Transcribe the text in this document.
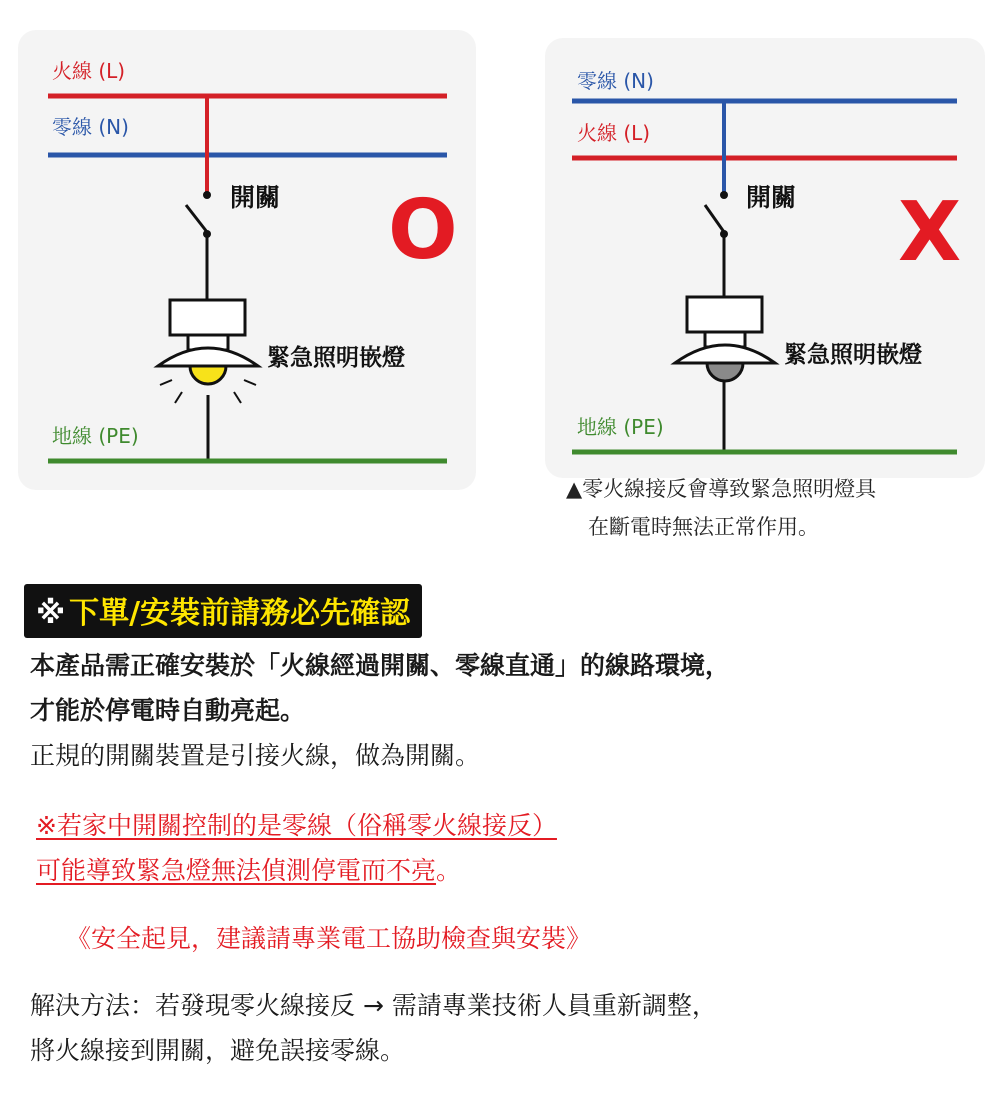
火線 (L)
零線 (N)
開關
緊急照明嵌燈
地線 (PE)
O
零線 (N)
火線 (L)
開關
緊急照明嵌燈
地線 (PE)
X
▲零火線接反會導致緊急照明燈具
在斷電時無法正常作用。
※ 下單/安裝前請務必先確認
本產品需正確安裝於「火線經過開關、零線直通」的線路環境，
才能於停電時自動亮起。
正規的開關裝置是引接火線，做為開關。
※若家中開關控制的是零線（俗稱零火線接反）
可能導致緊急燈無法偵測停電而不亮。
《安全起見，建議請專業電工協助檢查與安裝》
解決方法：若發現零火線接反 → 需請專業技術人員重新調整，
將火線接到開關，避免誤接零線。
